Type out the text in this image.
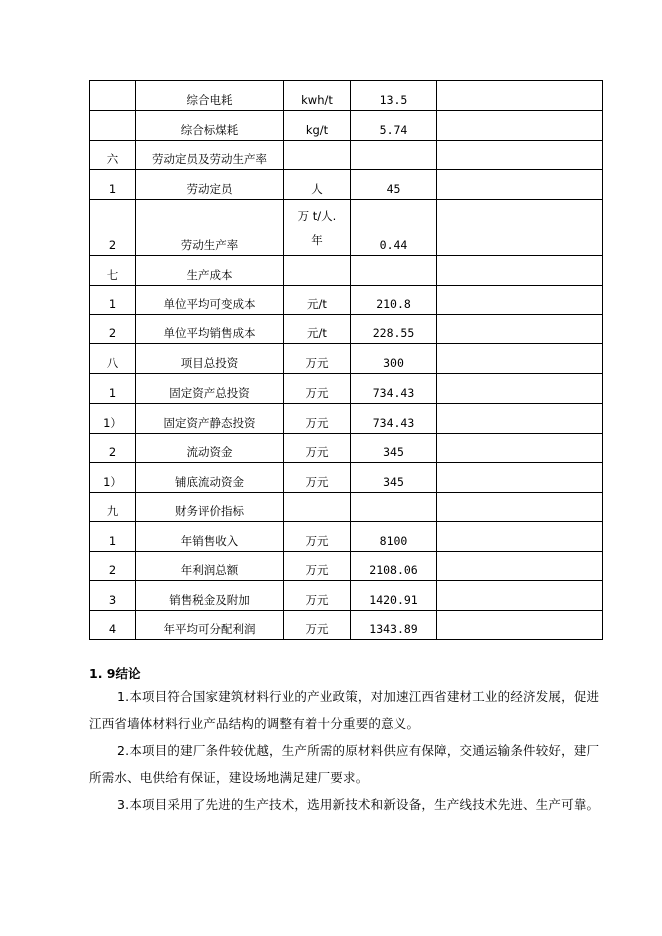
	综合电耗	kwh/t	13.5	

	综合标煤耗	kg/t	5.74	

六	劳动定员及劳动生产率			

1	劳动定员	人	45	

2	劳动生产率	万 t/人.
年	0.44	

七	生产成本			

1	单位平均可变成本	元/t	210.8	

2	单位平均销售成本	元/t	228.55	

八	项目总投资	万元	300	

1	固定资产总投资	万元	734.43	

1）	固定资产静态投资	万元	734.43	

2	流动资金	万元	345	

1）	铺底流动资金	万元	345	

九	财务评价指标			

1	年销售收入	万元	8100	

2	年利润总额	万元	2108.06	

3	销售税金及附加	万元	1420.91	

4	年平均可分配利润	万元	1343.89	

1. 9结论
1.本项目符合国家建筑材料行业的产业政策，对加速江西省建材工业的经济发展，促进江西省墙体材料行业产品结构的调整有着十分重要的意义。
2.本项目的建厂条件较优越，生产所需的原材料供应有保障，交通运输条件较好，建厂所需水、电供给有保证，建设场地满足建厂要求。
3.本项目采用了先进的生产技术，选用新技术和新设备，生产线技术先进、生产可靠。
